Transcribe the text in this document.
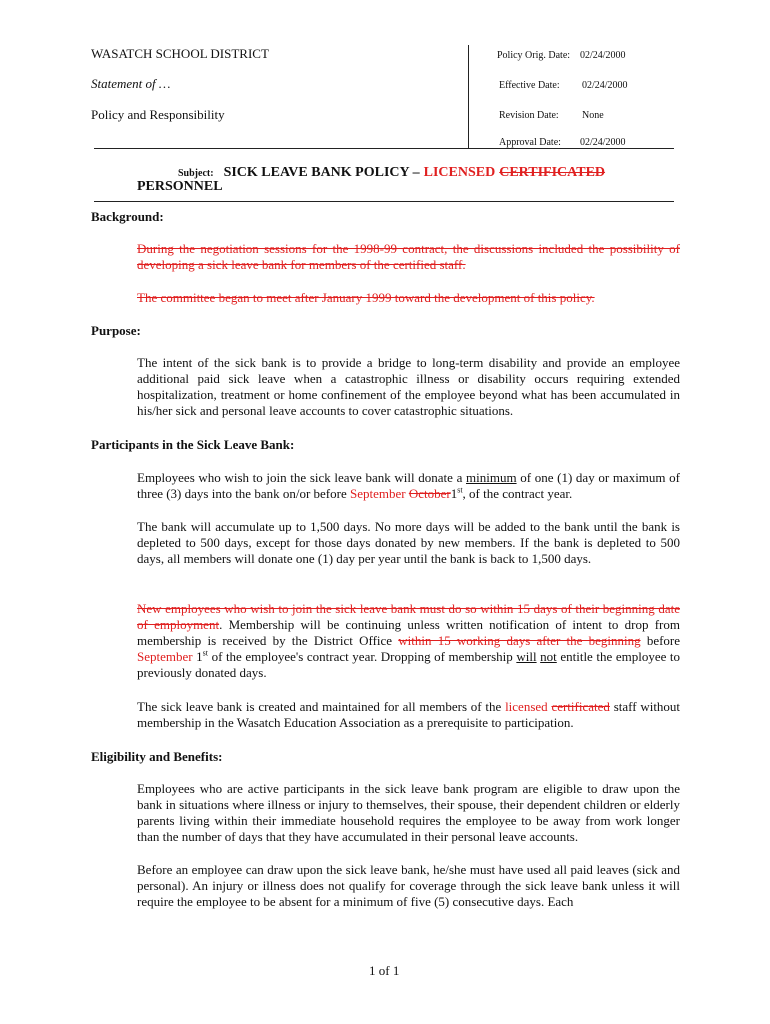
WASATCH SCHOOL DISTRICT
Statement of …
Policy and Responsibility
Policy Orig. Date: 02/24/2000
Effective Date: 02/24/2000
Revision Date: None
Approval Date: 02/24/2000
Subject: SICK LEAVE BANK POLICY – LICENSED CERTIFICATED
PERSONNEL
Background:
During the negotiation sessions for the 1998-99 contract, the discussions included the possibility of developing a sick leave bank for members of the certified staff.
The committee began to meet after January 1999 toward the development of this policy.
Purpose:
The intent of the sick bank is to provide a bridge to long-term disability and provide an employee additional paid sick leave when a catastrophic illness or disability occurs requiring extended hospitalization, treatment or home confinement of the employee beyond what has been accumulated in his/her sick and personal leave accounts to cover catastrophic situations.
Participants in the Sick Leave Bank:
Employees who wish to join the sick leave bank will donate a minimum of one (1) day or maximum of three (3) days into the bank on/or before September October1st, of the contract year.
The bank will accumulate up to 1,500 days. No more days will be added to the bank until the bank is depleted to 500 days, except for those days donated by new members. If the bank is depleted to 500 days, all members will donate one (1) day per year until the bank is back to 1,500 days.
New employees who wish to join the sick leave bank must do so within 15 days of their beginning date of employment. Membership will be continuing unless written notification of intent to drop from membership is received by the District Office within 15 working days after the beginning before September 1st of the employee's contract year. Dropping of membership will not entitle the employee to previously donated days.
The sick leave bank is created and maintained for all members of the licensed certificated staff without membership in the Wasatch Education Association as a prerequisite to participation.
Eligibility and Benefits:
Employees who are active participants in the sick leave bank program are eligible to draw upon the bank in situations where illness or injury to themselves, their spouse, their dependent children or elderly parents living within their immediate household requires the employee to be away from work longer than the number of days that they have accumulated in their personal leave accounts.
Before an employee can draw upon the sick leave bank, he/she must have used all paid leaves (sick and personal). An injury or illness does not qualify for coverage through the sick leave bank unless it will require the employee to be absent for a minimum of five (5) consecutive days. Each
1 of 1
